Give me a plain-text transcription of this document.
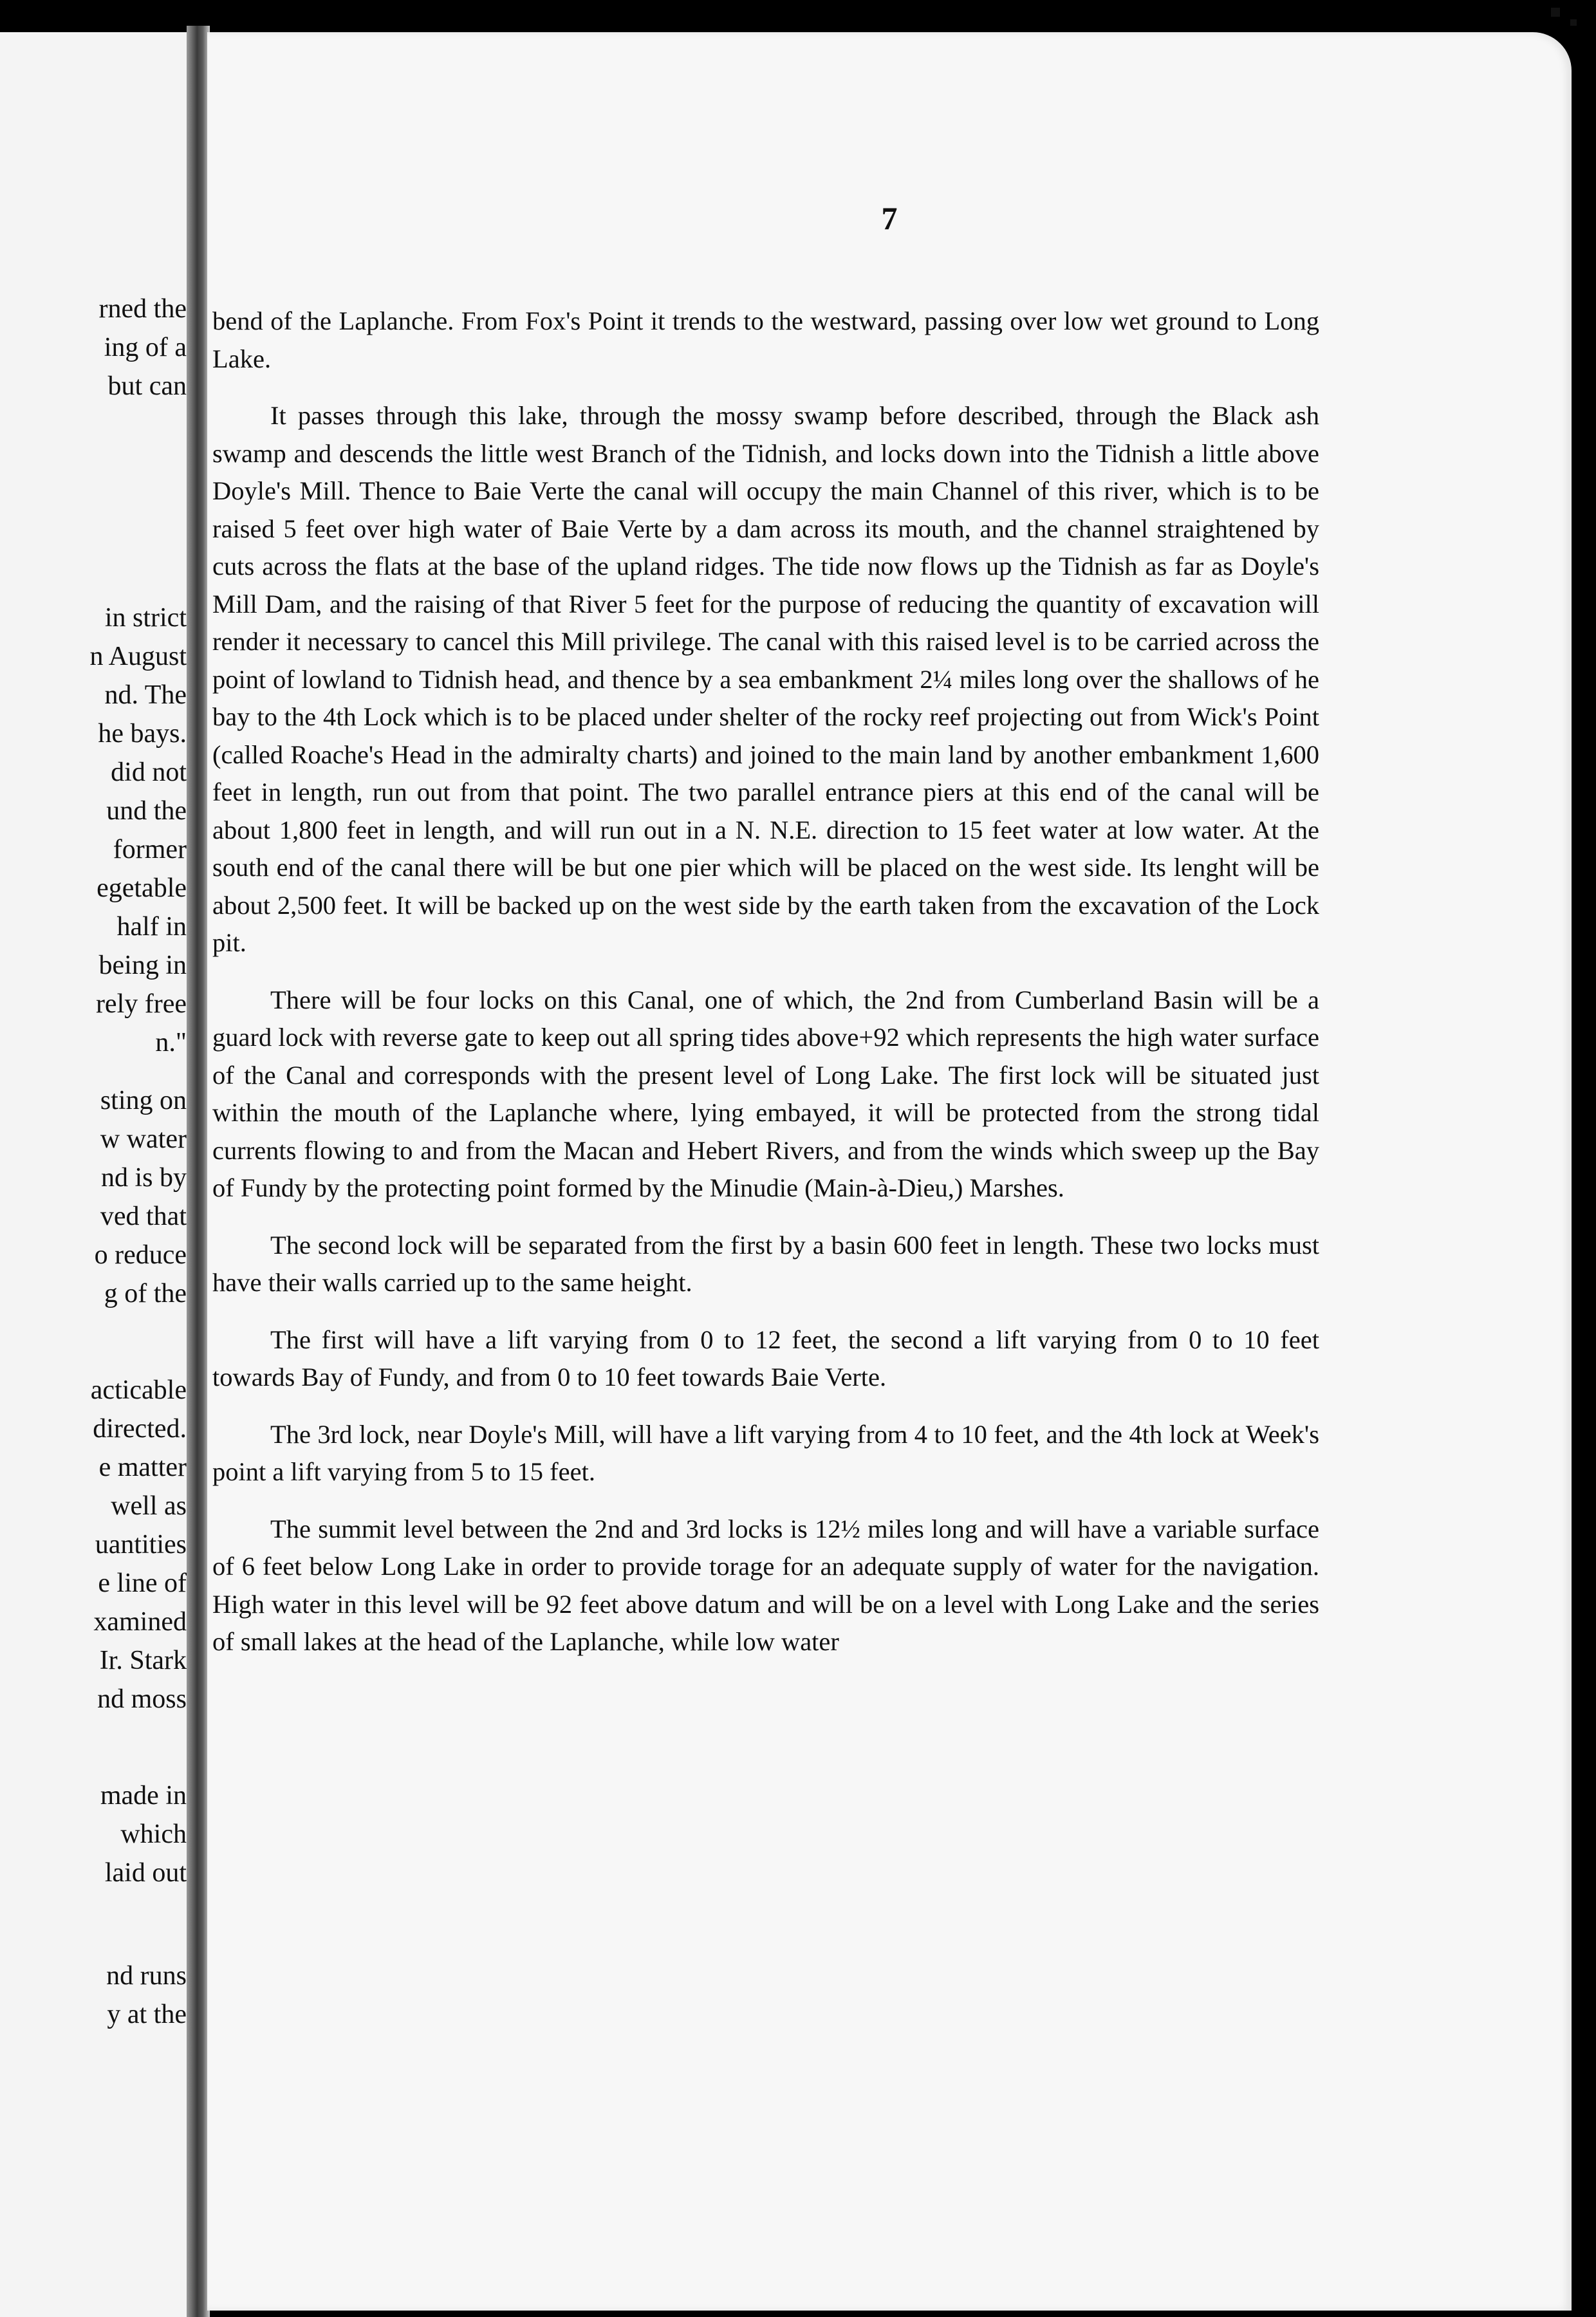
rned the
ing of a
but can
in strict
n August
nd. The
he bays.
did not
und the
former
egetable
half in
being in
rely free
n."
sting on
w water
nd is by
ved that
o reduce
g of the
acticable
directed.
e matter
well as
uantities
e line of
xamined
Ir. Stark
nd moss
made in
which
laid out
nd runs
y at the
7

bend of the Laplanche. From Fox's Point it trends to the westward, passing over low wet ground to Long Lake.

It passes through this lake, through the mossy swamp before described, through the Black ash swamp and descends the little west Branch of the Tidnish, and locks down into the Tidnish a little above Doyle's Mill. Thence to Baie Verte the canal will occupy the main Channel of this river, which is to be raised 5 feet over high water of Baie Verte by a dam across its mouth, and the channel straightened by cuts across the flats at the base of the upland ridges. The tide now flows up the Tidnish as far as Doyle's Mill Dam, and the raising of that River 5 feet for the purpose of reducing the quantity of excavation will render it necessary to cancel this Mill privilege. The canal with this raised level is to be carried across the point of lowland to Tidnish head, and thence by a sea embankment 2¼ miles long over the shallows of he bay to the 4th Lock which is to be placed under shelter of the rocky reef projecting out from Wick's Point (called Roache's Head in the admiralty charts) and joined to the main land by another embankment 1,600 feet in length, run out from that point. The two parallel entrance piers at this end of the canal will be about 1,800 feet in length, and will run out in a N. N.E. direction to 15 feet water at low water. At the south end of the canal there will be but one pier which will be placed on the west side. Its lenght will be about 2,500 feet. It will be backed up on the west side by the earth taken from the excavation of the Lock pit.

There will be four locks on this Canal, one of which, the 2nd from Cumberland Basin will be a guard lock with reverse gate to keep out all spring tides above+92 which represents the high water surface of the Canal and corresponds with the present level of Long Lake. The first lock will be situated just within the mouth of the Laplanche where, lying embayed, it will be protected from the strong tidal currents flowing to and from the Macan and Hebert Rivers, and from the winds which sweep up the Bay of Fundy by the protecting point formed by the Minudie (Main-à-Dieu,) Marshes.

The second lock will be separated from the first by a basin 600 feet in length. These two locks must have their walls carried up to the same height.

The first will have a lift varying from 0 to 12 feet, the second a lift varying from 0 to 10 feet towards Bay of Fundy, and from 0 to 10 feet towards Baie Verte.

The 3rd lock, near Doyle's Mill, will have a lift varying from 4 to 10 feet, and the 4th lock at Week's point a lift varying from 5 to 15 feet.

The summit level between the 2nd and 3rd locks is 12½ miles long and will have a variable surface of 6 feet below Long Lake in order to provide torage for an adequate supply of water for the navigation. High water in this level will be 92 feet above datum and will be on a level with Long Lake and the series of small lakes at the head of the Laplanche, while low water
